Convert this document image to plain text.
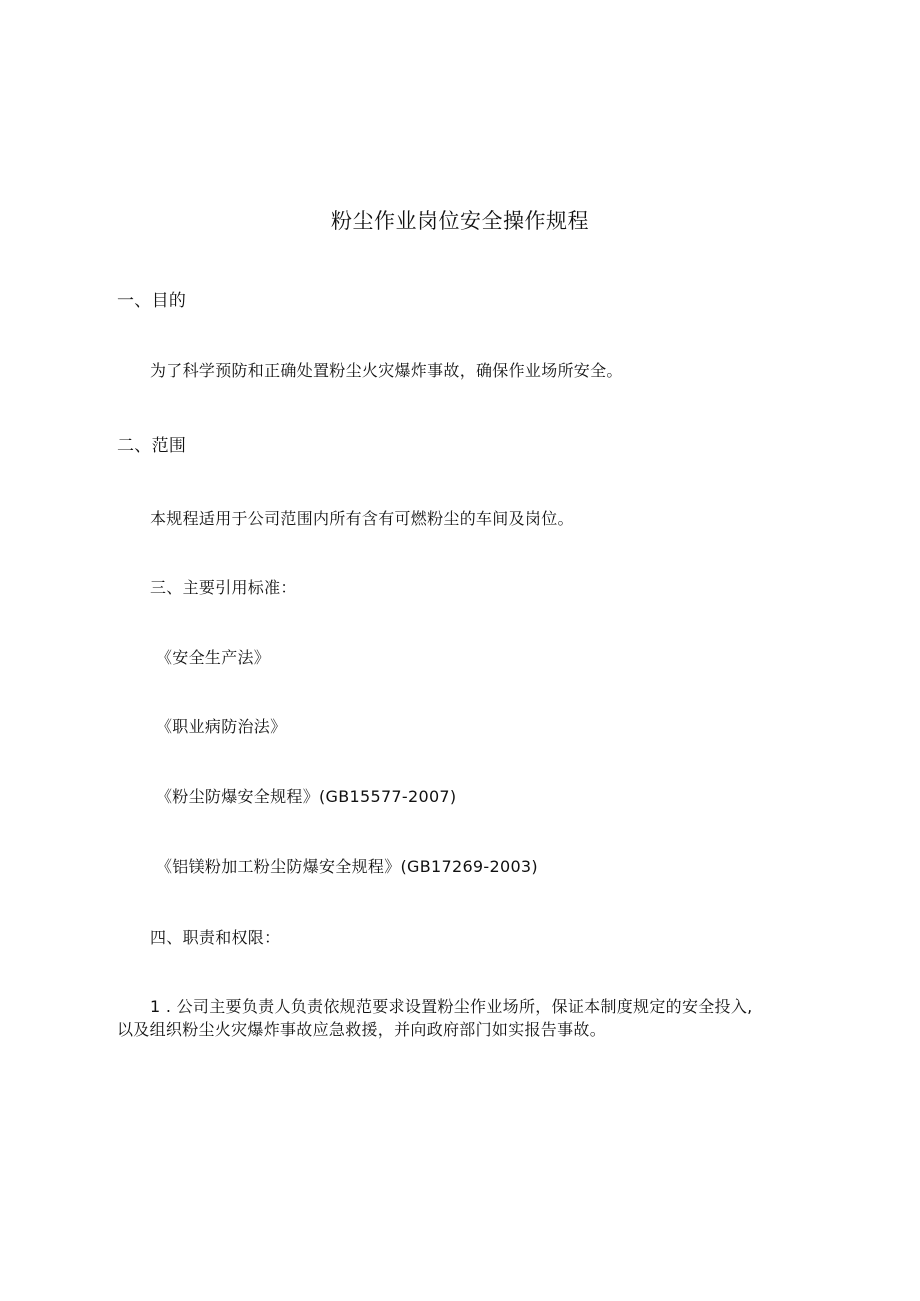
粉尘作业岗位安全操作规程
一、目的
为了科学预防和正确处置粉尘火灾爆炸事故，确保作业场所安全。
二、范围
本规程适用于公司范围内所有含有可燃粉尘的车间及岗位。
三、主要引用标准：
《安全生产法》
《职业病防治法》
《粉尘防爆安全规程》(GB15577-2007)
《铝镁粉加工粉尘防爆安全规程》(GB17269-2003)
四、职责和权限：
1 . 公司主要负责人负责依规范要求设置粉尘作业场所，保证本制度规定的安全投入,
以及组织粉尘火灾爆炸事故应急救援，并向政府部门如实报告事故。
